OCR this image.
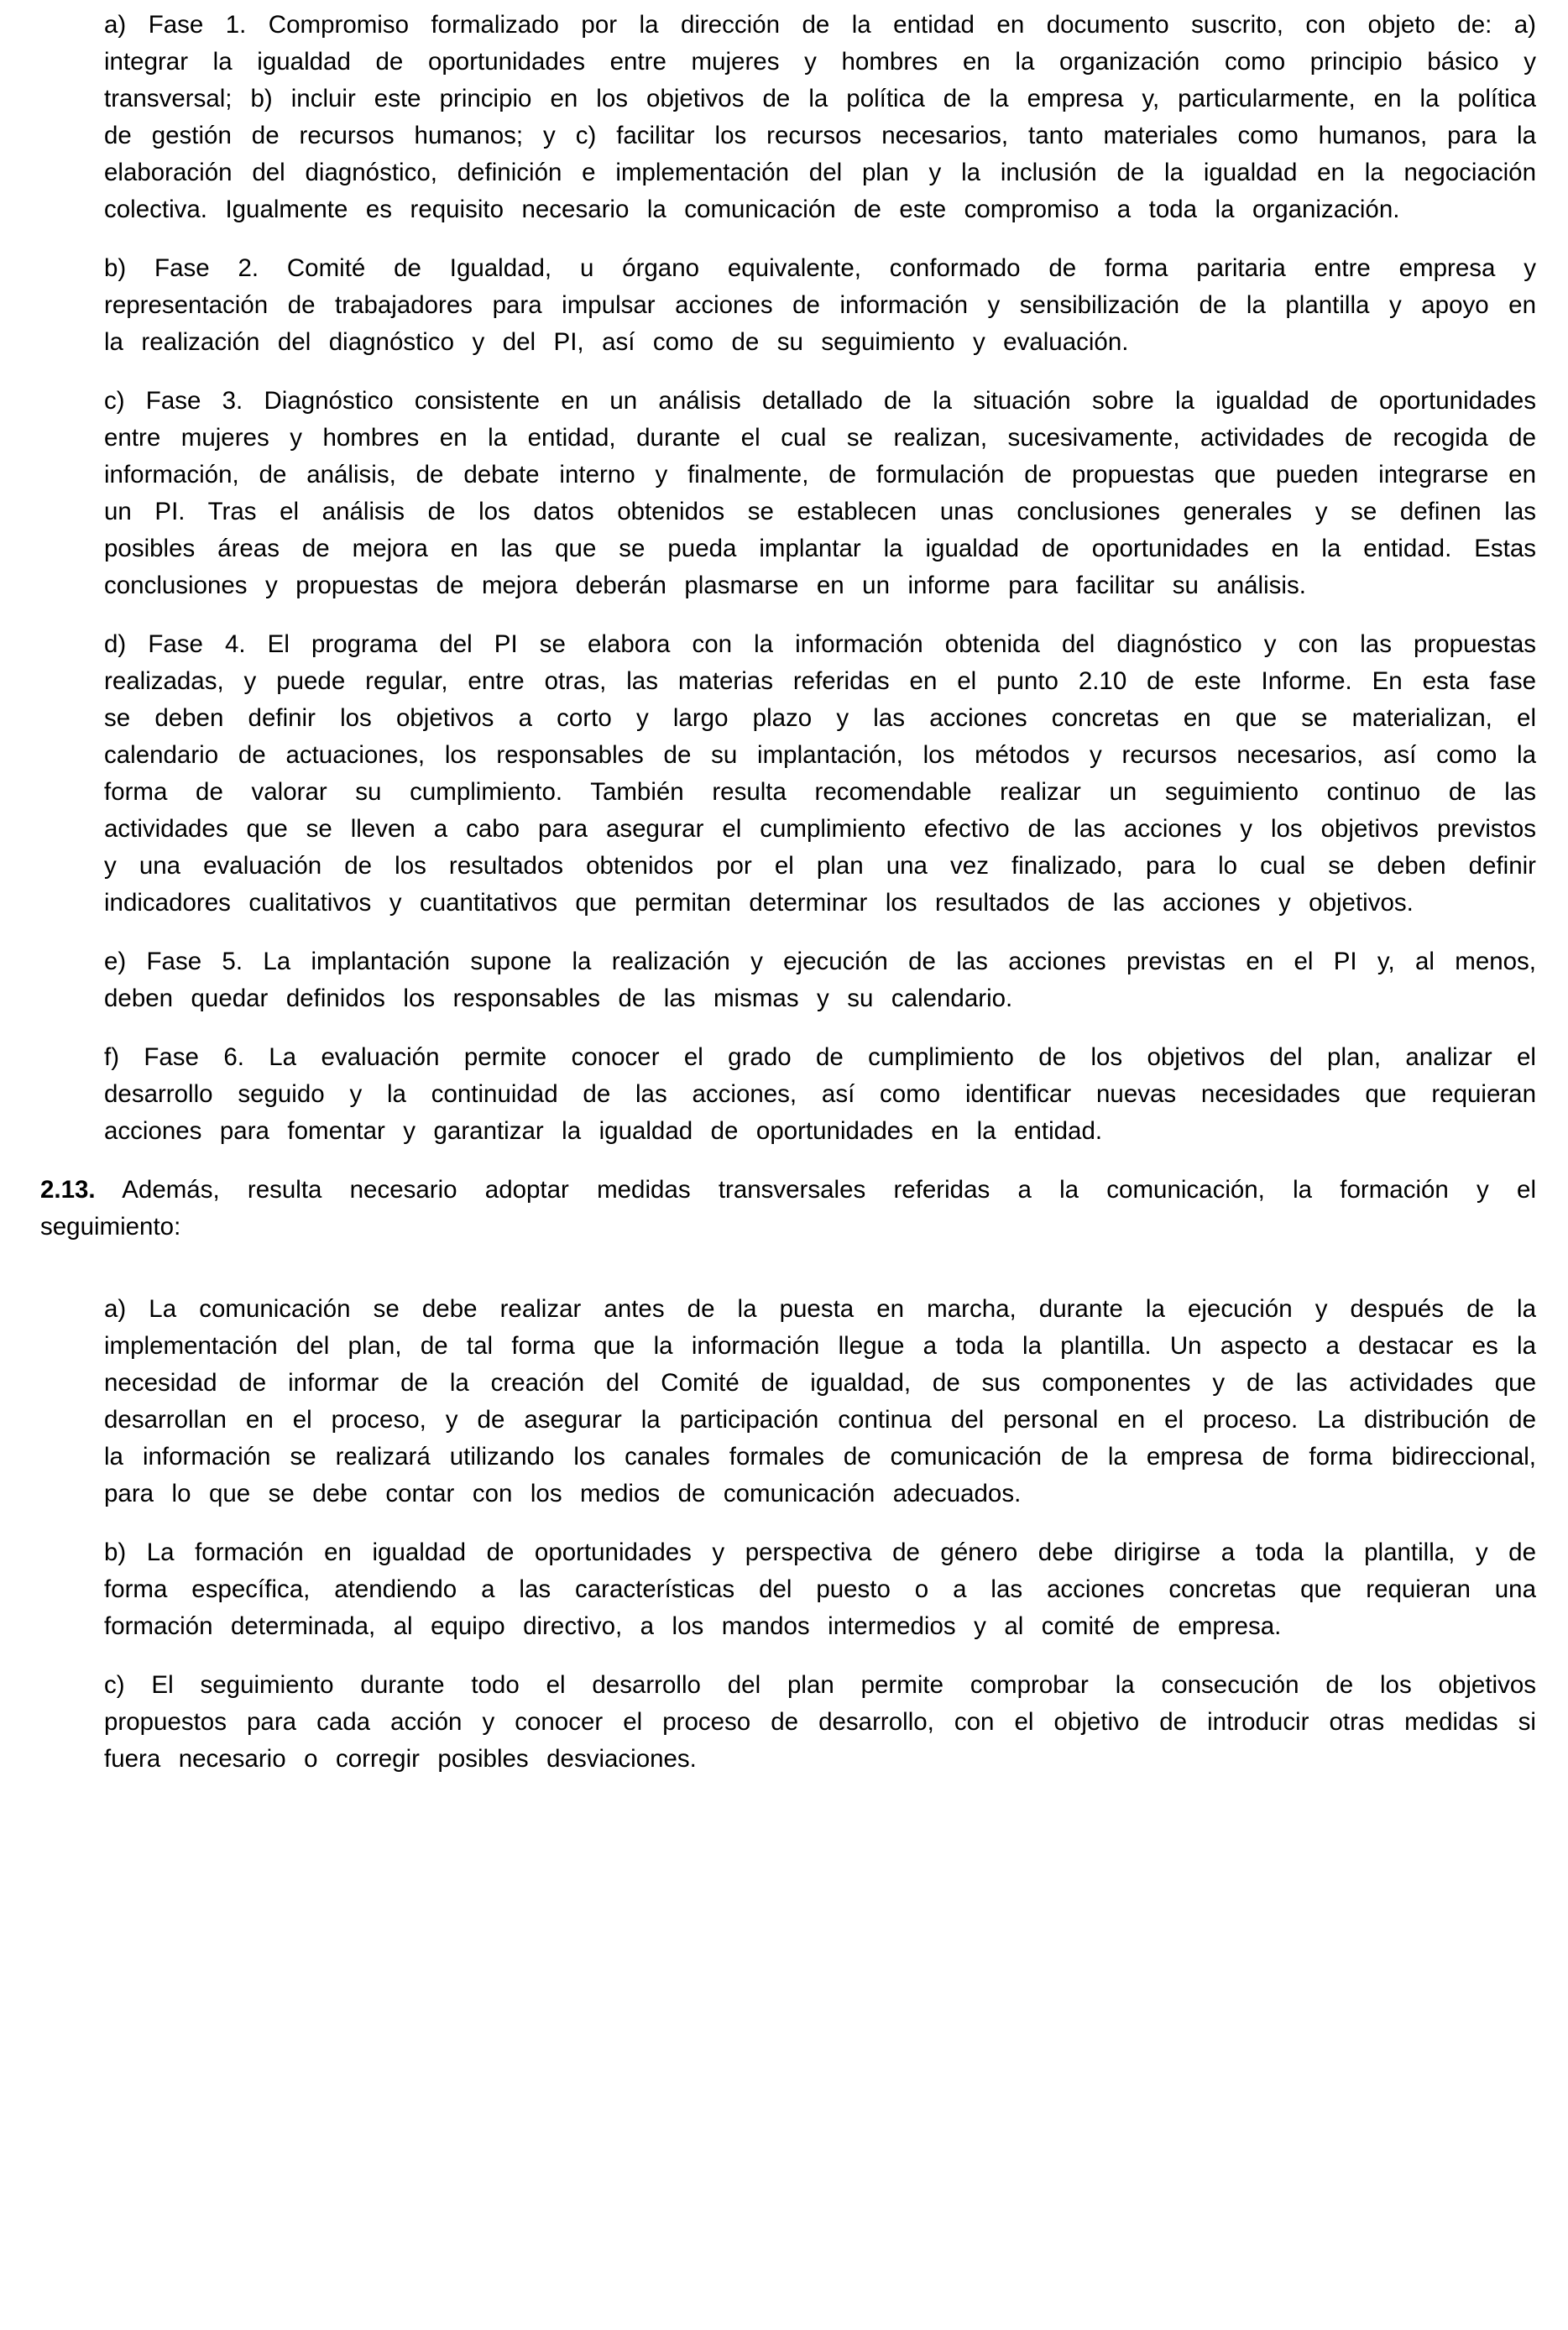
a) Fase 1. Compromiso formalizado por la dirección de la entidad en documento suscrito, con objeto de: a) integrar la igualdad de oportunidades entre mujeres y hombres en la organización como principio básico y transversal; b) incluir este principio en los objetivos de la política de la empresa y, particularmente, en la política de gestión de recursos humanos; y c) facilitar los recursos necesarios, tanto materiales como humanos, para la elaboración del diagnóstico, definición e implementación del plan y la inclusión de la igualdad en la negociación colectiva. Igualmente es requisito necesario la comunicación de este compromiso a toda la organización.

b) Fase 2. Comité de Igualdad, u órgano equivalente, conformado de forma paritaria entre empresa y representación de trabajadores para impulsar acciones de información y sensibilización de la plantilla y apoyo en la realización del diagnóstico y del PI, así como de su seguimiento y evaluación.

c) Fase 3. Diagnóstico consistente en un análisis detallado de la situación sobre la igualdad de oportunidades entre mujeres y hombres en la entidad, durante el cual se realizan, sucesivamente, actividades de recogida de información, de análisis, de debate interno y finalmente, de formulación de propuestas que pueden integrarse en un PI. Tras el análisis de los datos obtenidos se establecen unas conclusiones generales y se definen las posibles áreas de mejora en las que se pueda implantar la igualdad de oportunidades en la entidad. Estas conclusiones y propuestas de mejora deberán plasmarse en un informe para facilitar su análisis.

d) Fase 4. El programa del PI se elabora con la información obtenida del diagnóstico y con las propuestas realizadas, y puede regular, entre otras, las materias referidas en el punto 2.10 de este Informe. En esta fase se deben definir los objetivos a corto y largo plazo y las acciones concretas en que se materializan, el calendario de actuaciones, los responsables de su implantación, los métodos y recursos necesarios, así como la forma de valorar su cumplimiento. También resulta recomendable realizar un seguimiento continuo de las actividades que se lleven a cabo para asegurar el cumplimiento efectivo de las acciones y los objetivos previstos y una evaluación de los resultados obtenidos por el plan una vez finalizado, para lo cual se deben definir indicadores cualitativos y cuantitativos que permitan determinar los resultados de las acciones y objetivos.

e) Fase 5. La implantación supone la realización y ejecución de las acciones previstas en el PI y, al menos, deben quedar definidos los responsables de las mismas y su calendario.

f) Fase 6. La evaluación permite conocer el grado de cumplimiento de los objetivos del plan, analizar el desarrollo seguido y la continuidad de las acciones, así como identificar nuevas necesidades que requieran acciones para fomentar y garantizar la igualdad de oportunidades en la entidad.

2.13. Además, resulta necesario adoptar medidas transversales referidas a la comunicación, la formación y el seguimiento:

a) La comunicación se debe realizar antes de la puesta en marcha, durante la ejecución y después de la implementación del plan, de tal forma que la información llegue a toda la plantilla. Un aspecto a destacar es la necesidad de informar de la creación del Comité de igualdad, de sus componentes y de las actividades que desarrollan en el proceso, y de asegurar la participación continua del personal en el proceso. La distribución de la información se realizará utilizando los canales formales de comunicación de la empresa de forma bidireccional, para lo que se debe contar con los medios de comunicación adecuados.

b) La formación en igualdad de oportunidades y perspectiva de género debe dirigirse a toda la plantilla, y de forma específica, atendiendo a las características del puesto o a las acciones concretas que requieran una formación determinada, al equipo directivo, a los mandos intermedios y al comité de empresa.

c) El seguimiento durante todo el desarrollo del plan permite comprobar la consecución de los objetivos propuestos para cada acción y conocer el proceso de desarrollo, con el objetivo de introducir otras medidas si fuera necesario o corregir posibles desviaciones.
